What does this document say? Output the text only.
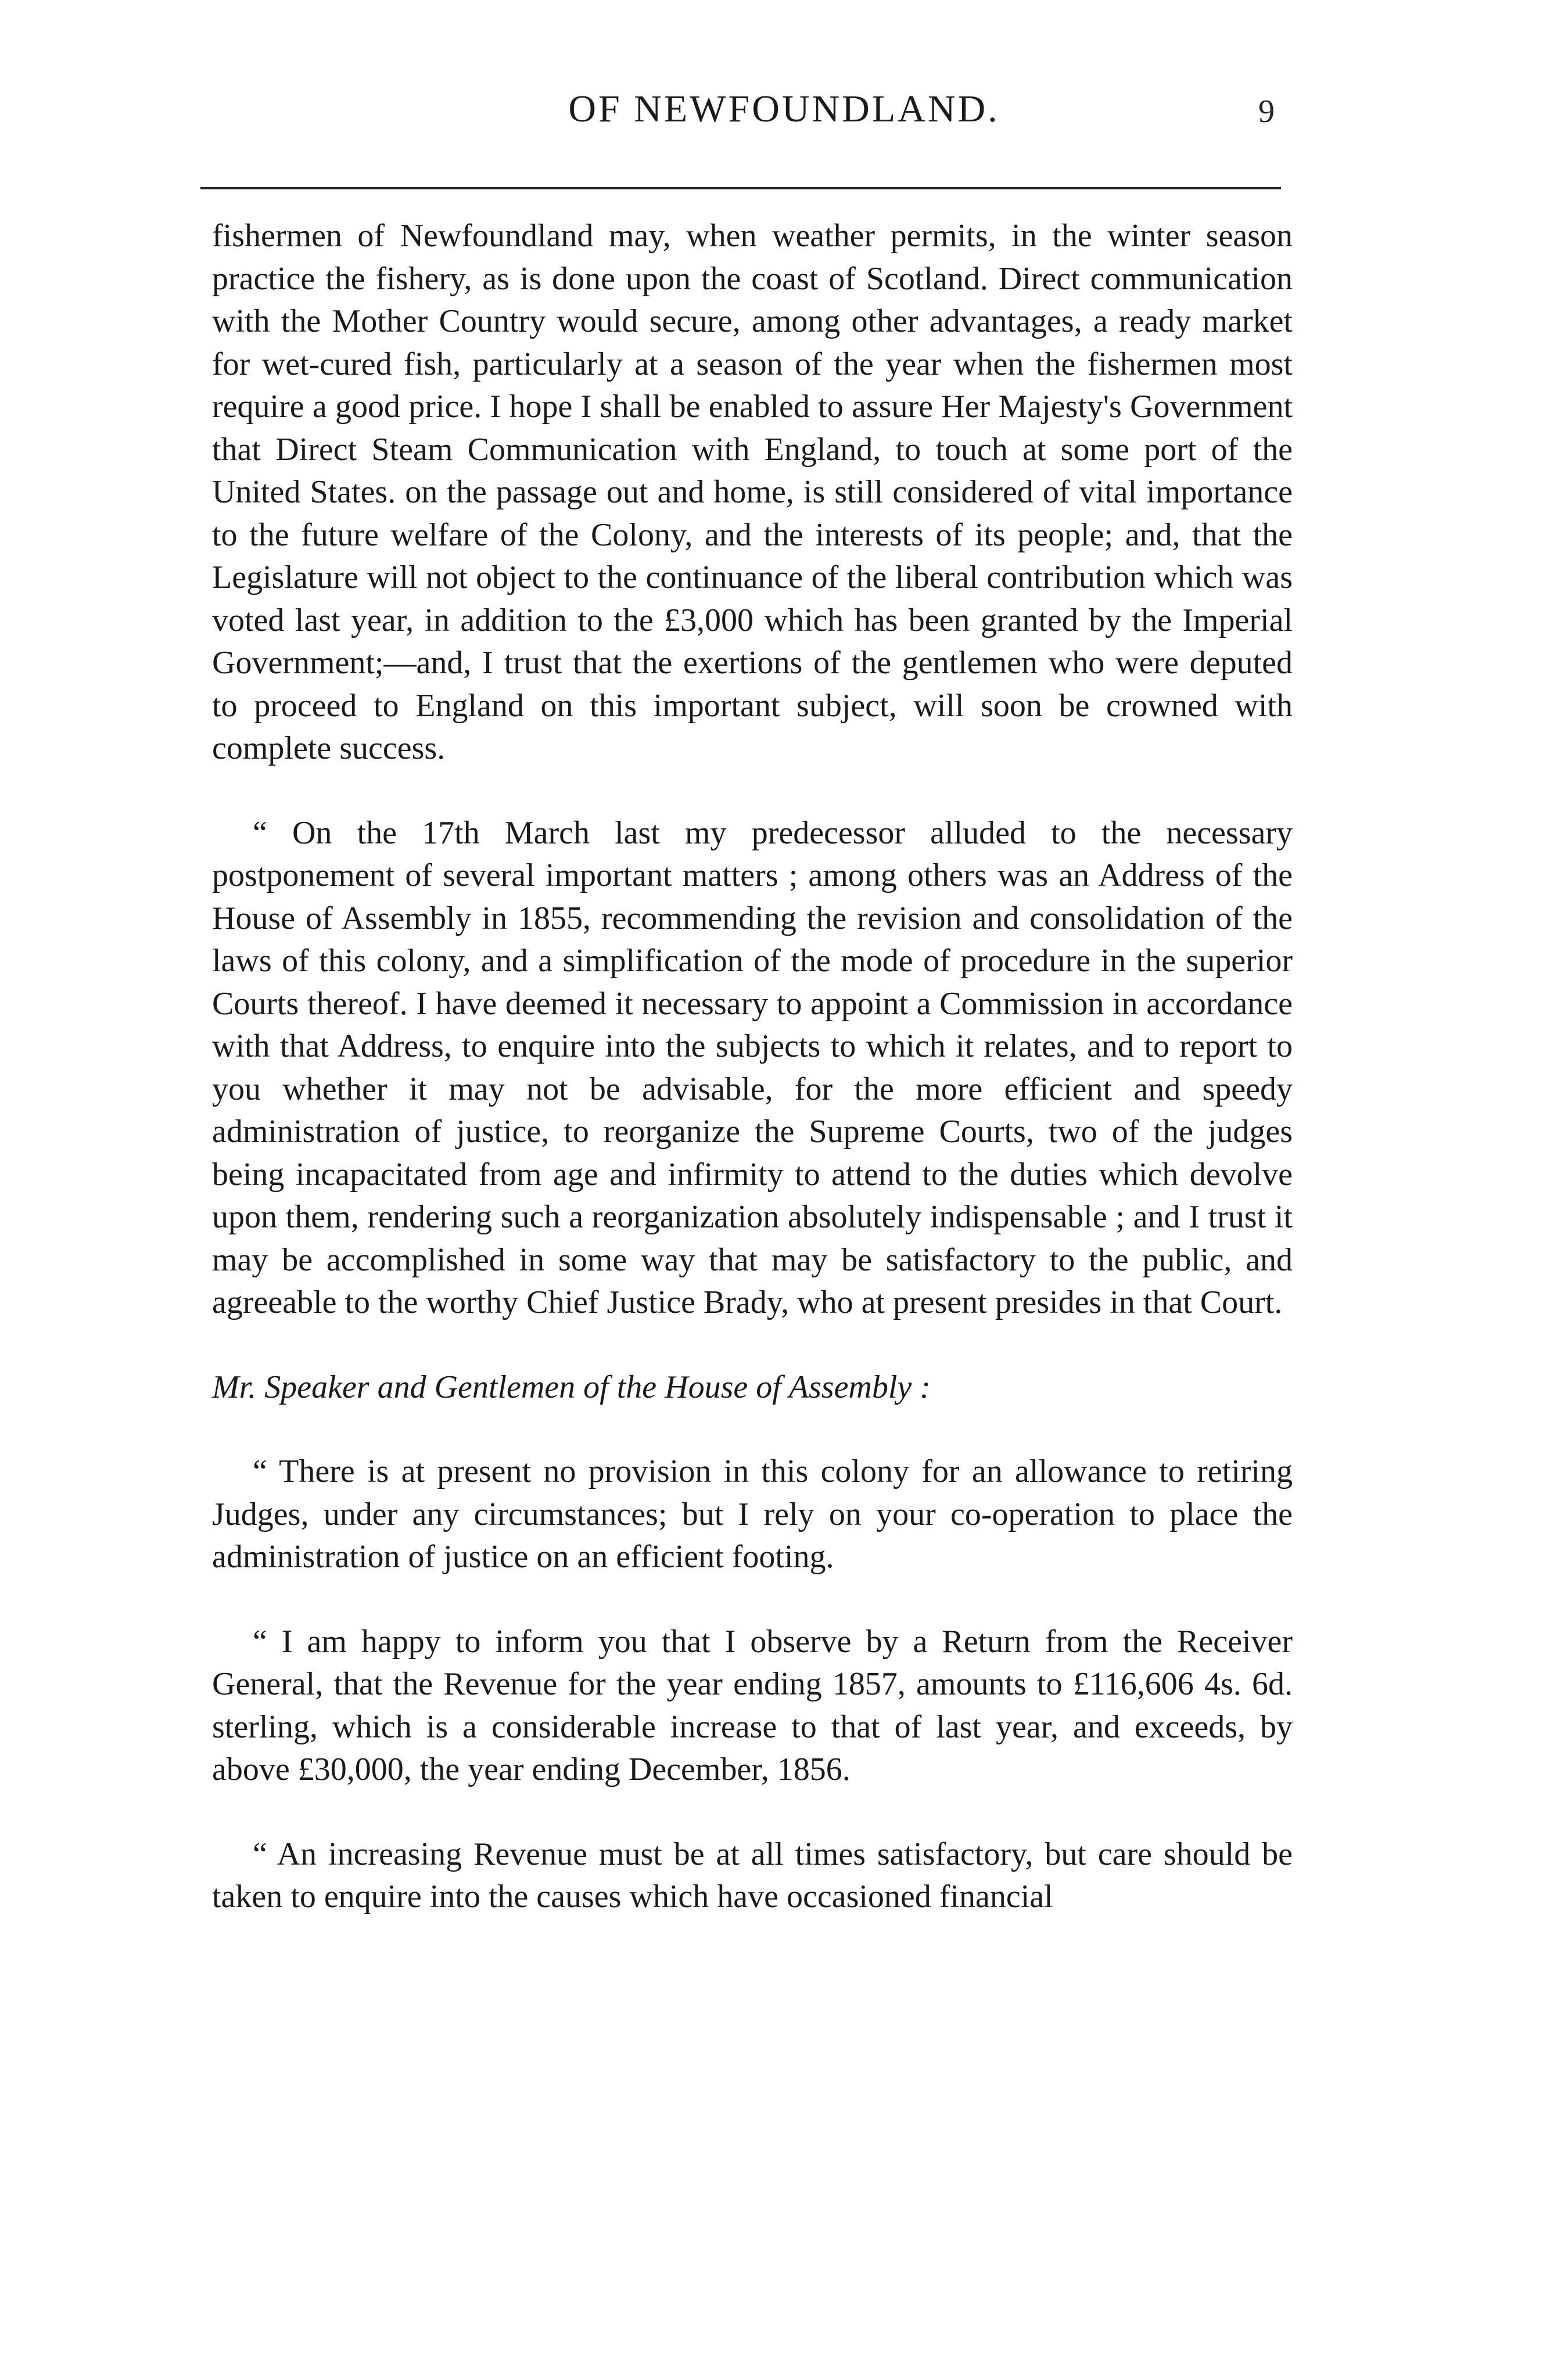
OF NEWFOUNDLAND.	9

fishermen of Newfoundland may, when weather permits, in the winter season practice the fishery, as is done upon the coast of Scotland. Direct communication with the Mother Country would secure, among other advantages, a ready market for wet-cured fish, particularly at a season of the year when the fishermen most require a good price. I hope I shall be enabled to assure Her Majesty's Government that Direct Steam Communication with England, to touch at some port of the United States. on the passage out and home, is still considered of vital importance to the future welfare of the Colony, and the interests of its people; and, that the Legislature will not object to the continuance of the liberal contribution which was voted last year, in addition to the £3,000 which has been granted by the Imperial Government;—and, I trust that the exertions of the gentlemen who were deputed to proceed to England on this important subject, will soon be crowned with complete success.

“ On the 17th March last my predecessor alluded to the necessary postponement of several important matters ; among others was an Address of the House of Assembly in 1855, recommending the revision and consolidation of the laws of this colony, and a simplification of the mode of procedure in the superior Courts thereof. I have deemed it necessary to appoint a Commission in accordance with that Address, to enquire into the subjects to which it relates, and to report to you whether it may not be advisable, for the more efficient and speedy administration of justice, to reorganize the Supreme Courts, two of the judges being incapacitated from age and infirmity to attend to the duties which devolve upon them, rendering such a reorganization absolutely indispensable ; and I trust it may be accomplished in some way that may be satisfactory to the public, and agreeable to the worthy Chief Justice Brady, who at present presides in that Court.

Mr. Speaker and Gentlemen of the House of Assembly :

“ There is at present no provision in this colony for an allowance to retiring Judges, under any circumstances; but I rely on your co-operation to place the administration of justice on an efficient footing.

“ I am happy to inform you that I observe by a Return from the Receiver General, that the Revenue for the year ending 1857, amounts to £116,606 4s. 6d. sterling, which is a considerable increase to that of last year, and exceeds, by above £30,000, the year ending December, 1856.

“ An increasing Revenue must be at all times satisfactory, but care should be taken to enquire into the causes which have occasioned financial
